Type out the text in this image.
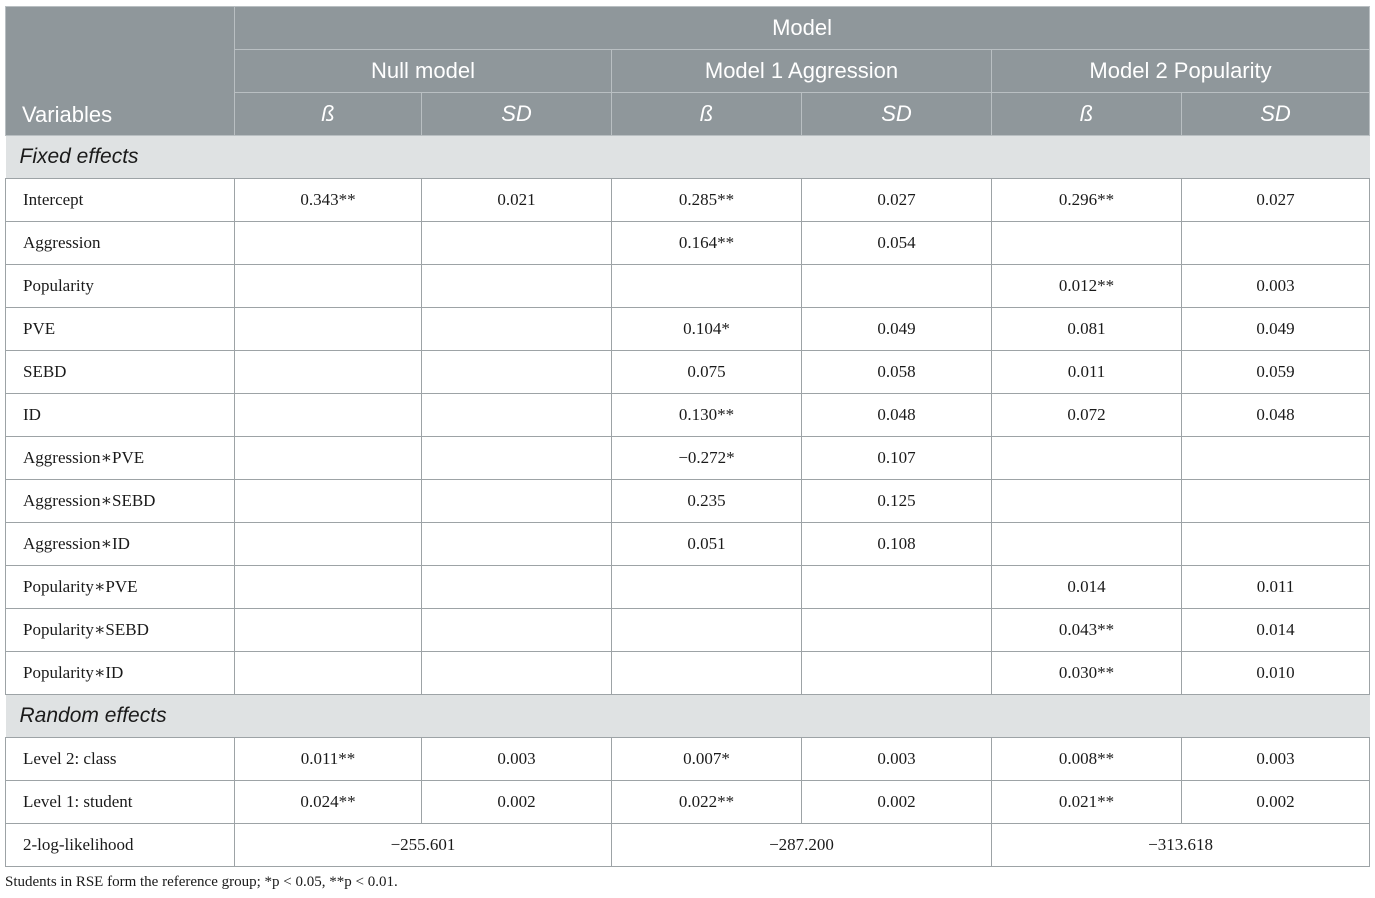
Variables	Model					
	Null model		Model 1 Aggression		Model 2 Popularity	
	ß	SD	ß	SD	ß	SD
Fixed effects						
Intercept	0.343**	0.021	0.285**	0.027	0.296**	0.027
Aggression			0.164**	0.054		
Popularity					0.012**	0.003
PVE			0.104*	0.049	0.081	0.049
SEBD			0.075	0.058	0.011	0.059
ID			0.130**	0.048	0.072	0.048
Aggression∗PVE			−0.272*	0.107		
Aggression∗SEBD			0.235	0.125		
Aggression∗ID			0.051	0.108		
Popularity∗PVE					0.014	0.011
Popularity∗SEBD					0.043**	0.014
Popularity∗ID					0.030**	0.010
Random effects						
Level 2: class	0.011**	0.003	0.007*	0.003	0.008**	0.003
Level 1: student	0.024**	0.002	0.022**	0.002	0.021**	0.002
2-log-likelihood	−255.601		−287.200		−313.618	
Students in RSE form the reference group; *p < 0.05, **p < 0.01.
